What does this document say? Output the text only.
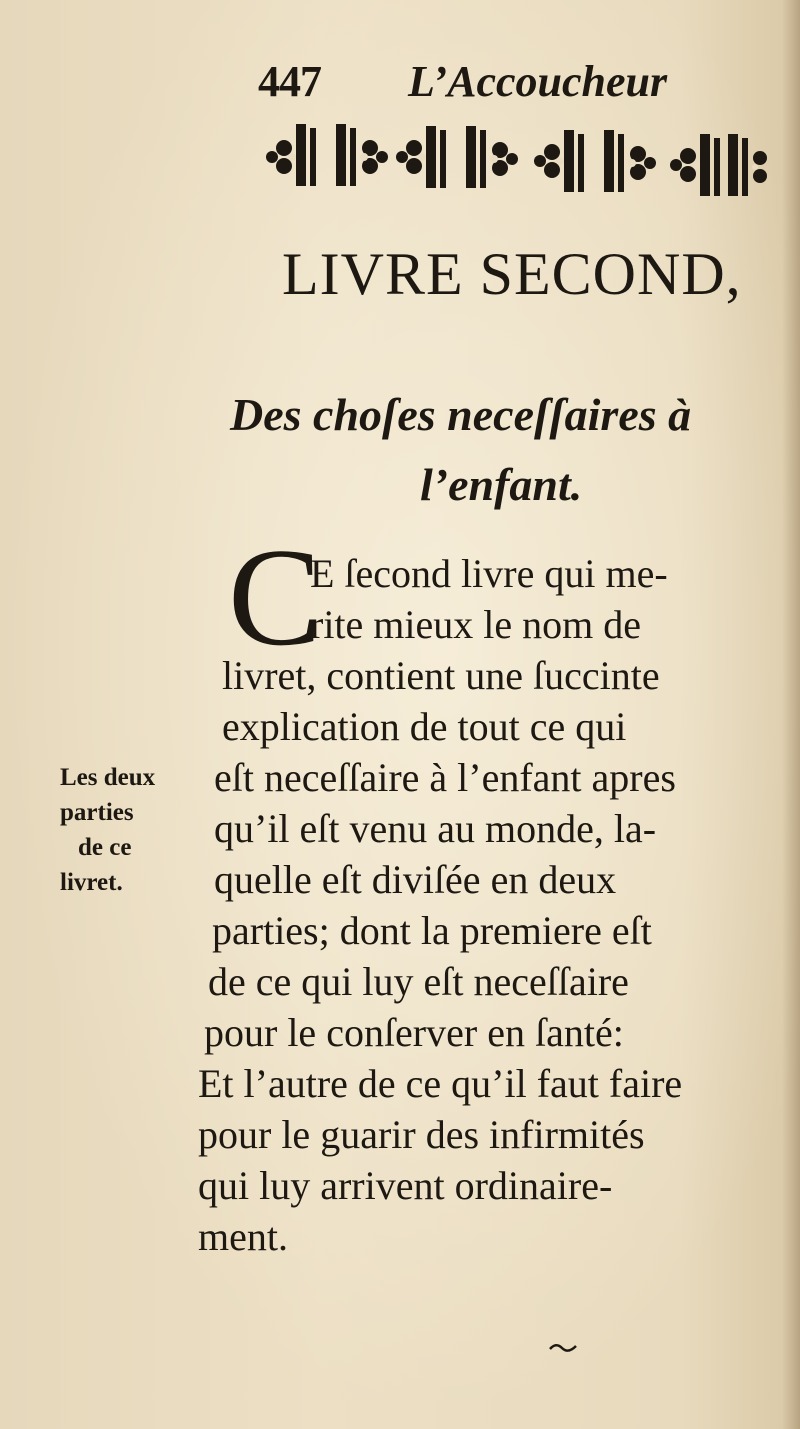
447 L’Accoucheur
LIVRE SECOND,
Des choſes neceſſaires à
l’enfant.
C
E ſecond livre qui me-
rite mieux le nom de
livret, contient une ſuccinte
explication de tout ce qui
eſt neceſſaire à l’enfant apres
qu’il eſt venu au monde, la-
quelle eſt diviſée en deux
parties; dont la premiere eſt
de ce qui luy eſt neceſſaire
pour le conſerver en ſanté:
Et l’autre de ce qu’il faut faire
pour le guarir des infirmités
qui luy arrivent ordinaire-
ment.
Les deux
parties
de ce
livret.
